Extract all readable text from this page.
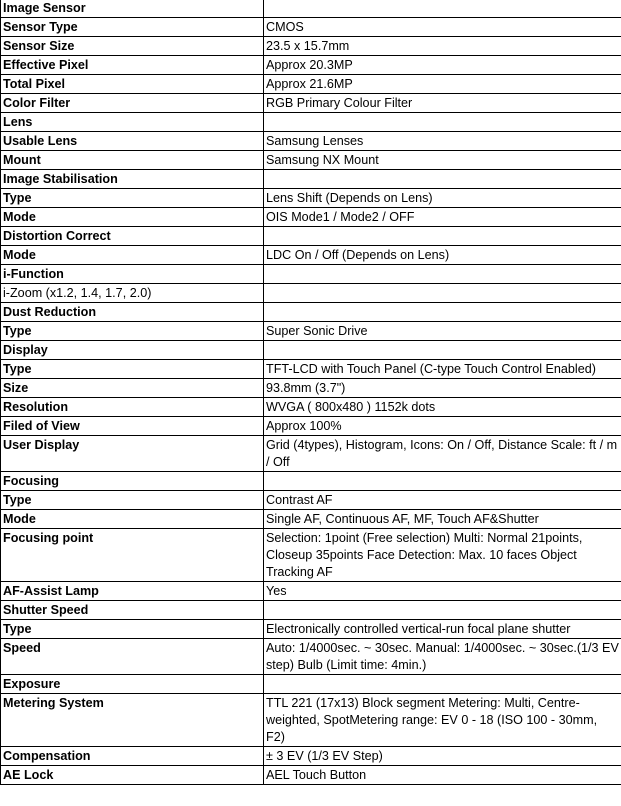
Image Sensor	
Sensor Type	CMOS
Sensor Size	23.5 x 15.7mm
Effective Pixel	Approx 20.3MP
Total Pixel	Approx 21.6MP
Color Filter	RGB Primary Colour Filter
Lens	
Usable Lens	Samsung Lenses
Mount	Samsung NX Mount
Image Stabilisation	
Type	Lens Shift (Depends on Lens)
Mode	OIS Mode1 / Mode2 / OFF
Distortion Correct	
Mode	LDC On / Off (Depends on Lens)
i-Function	
i-Zoom (x1.2, 1.4, 1.7, 2.0)	
Dust Reduction	
Type	Super Sonic Drive
Display	
Type	TFT-LCD with Touch Panel (C-type Touch Control Enabled)
Size	93.8mm (3.7")
Resolution	WVGA ( 800x480 ) 1152k dots
Filed of View	Approx 100%
User Display	Grid (4types), Histogram, Icons: On / Off, Distance Scale: ft / m / Off
Focusing	
Type	Contrast AF
Mode	Single AF, Continuous AF, MF, Touch AF&Shutter
Focusing point	Selection: 1point (Free selection) Multi: Normal 21points, Closeup 35points Face Detection: Max. 10 faces Object Tracking AF
AF-Assist Lamp	Yes
Shutter Speed	
Type	Electronically controlled vertical-run focal plane shutter
Speed	Auto: 1/4000sec. ~ 30sec. Manual: 1/4000sec. ~ 30sec.(1/3 EV step) Bulb (Limit time: 4min.)
Exposure	
Metering System	TTL 221 (17x13) Block segment Metering: Multi, Centre-weighted, SpotMetering range: EV 0 - 18 (ISO 100 - 30mm, F2)
Compensation	± 3 EV (1/3 EV Step)
AE Lock	AEL Touch Button
